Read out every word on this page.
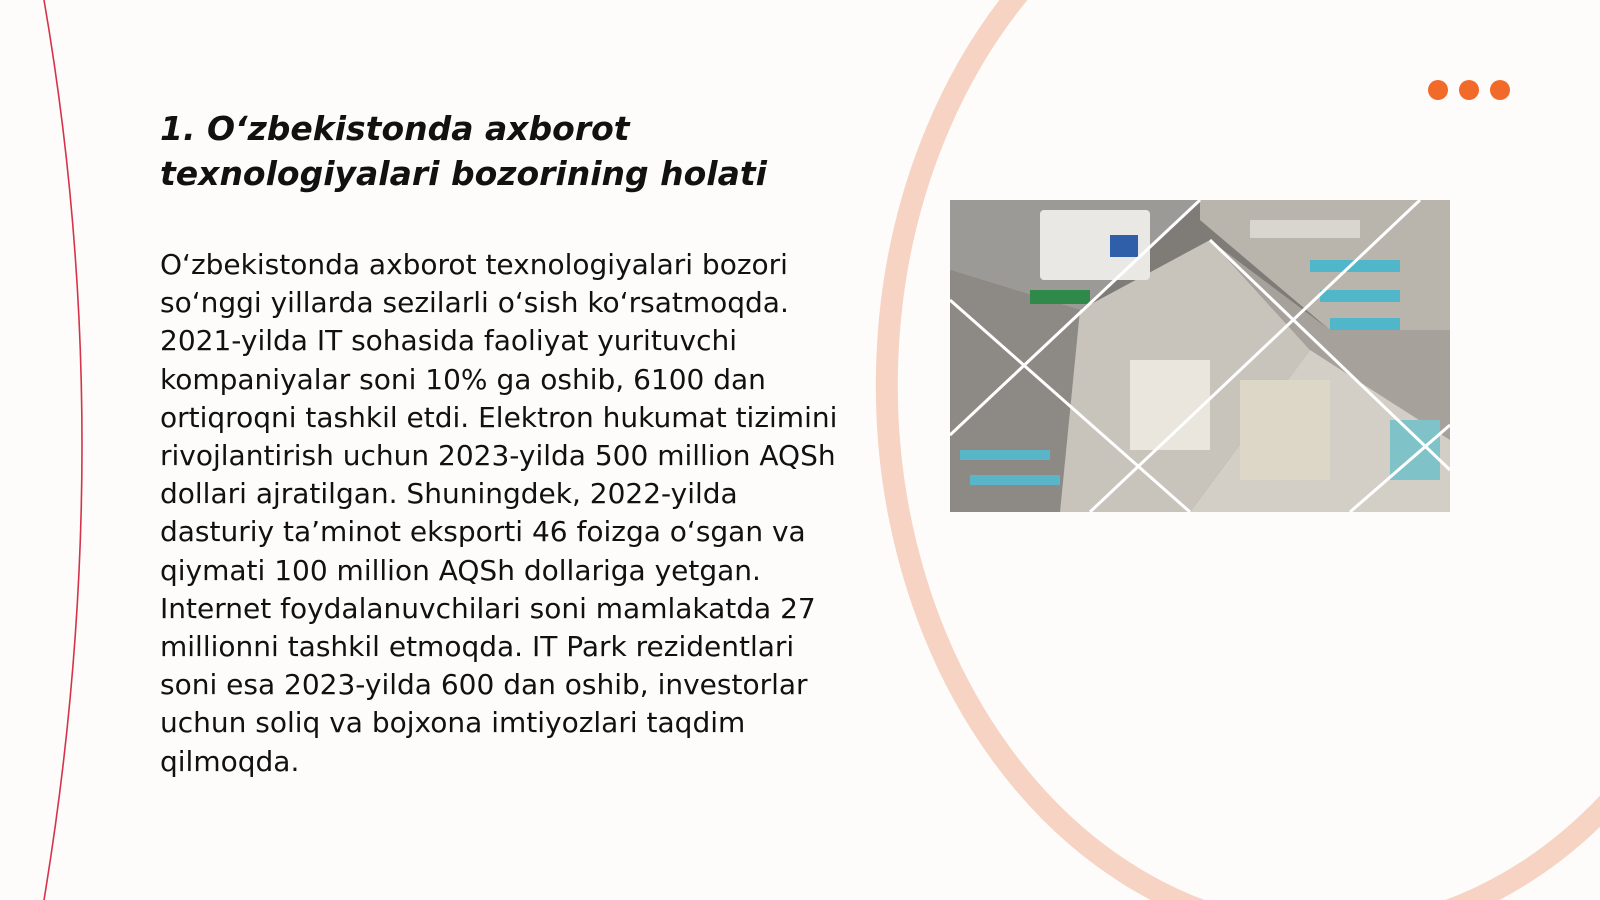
1. O‘zbekistonda axborot texnologiyalari bozorining holati

O‘zbekistonda axborot texnologiyalari bozori so‘nggi yillarda sezilarli o‘sish ko‘rsatmoqda. 2021-yilda IT sohasida faoliyat yurituvchi kompaniyalar soni 10% ga oshib, 6100 dan ortiqroqni tashkil etdi. Elektron hukumat tizimini rivojlantirish uchun 2023-yilda 500 million AQSh dollari ajratilgan. Shuningdek, 2022-yilda dasturiy ta’minot eksporti 46 foizga o‘sgan va qiymati 100 million AQSh dollariga yetgan. Internet foydalanuvchilari soni mamlakatda 27 millionni tashkil etmoqda. IT Park rezidentlari soni esa 2023-yilda 600 dan oshib, investorlar uchun soliq va bojxona imtiyozlari taqdim qilmoqda.
